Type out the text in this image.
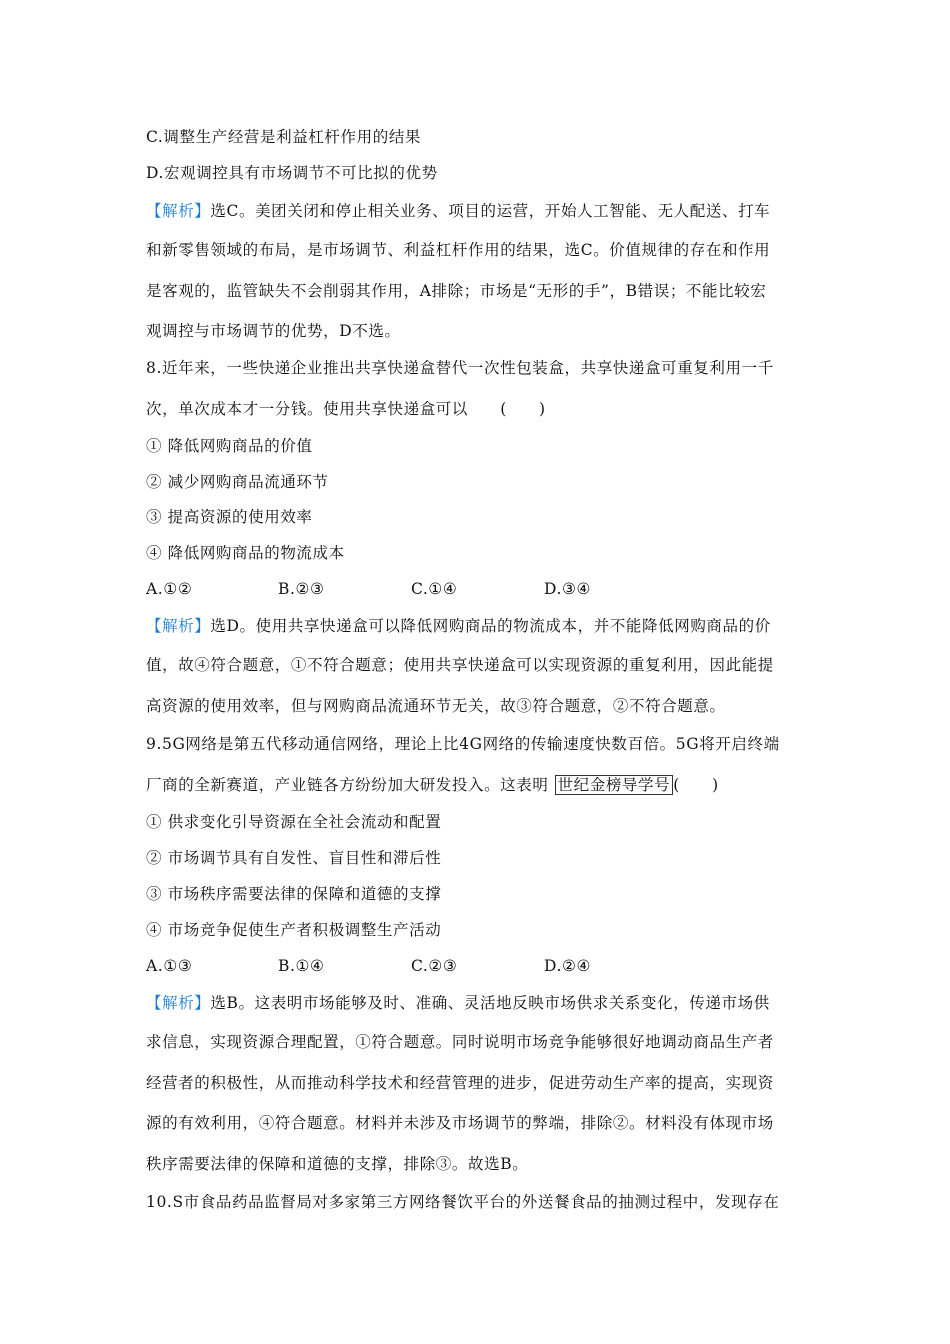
C.调整生产经营是利益杠杆作用的结果
D.宏观调控具有市场调节不可比拟的优势
【解析】选C。美团关闭和停止相关业务、项目的运营，开始人工智能、无人配送、打车
和新零售领域的布局，是市场调节、利益杠杆作用的结果，选C。价值规律的存在和作用
是客观的，监管缺失不会削弱其作用，A排除；市场是“无形的手”，B错误；不能比较宏
观调控与市场调节的优势，D不选。
8.近年来，一些快递企业推出共享快递盒替代一次性包装盒，共享快递盒可重复利用一千
次，单次成本才一分钱。使用共享快递盒可以　　(　　)
① 降低网购商品的价值
② 减少网购商品流通环节
③ 提高资源的使用效率
④ 降低网购商品的物流成本
A.①②	B.②③	C.①④	D.③④
【解析】选D。使用共享快递盒可以降低网购商品的物流成本，并不能降低网购商品的价
值，故④符合题意，①不符合题意；使用共享快递盒可以实现资源的重复利用，因此能提
高资源的使用效率，但与网购商品流通环节无关，故③符合题意，②不符合题意。
9.5G网络是第五代移动通信网络，理论上比4G网络的传输速度快数百倍。5G将开启终端
厂商的全新赛道，产业链各方纷纷加大研发投入。这表明 世纪金榜导学号 (　　)
① 供求变化引导资源在全社会流动和配置
② 市场调节具有自发性、盲目性和滞后性
③ 市场秩序需要法律的保障和道德的支撑
④ 市场竞争促使生产者积极调整生产活动
A.①③	B.①④	C.②③	D.②④
【解析】选B。这表明市场能够及时、准确、灵活地反映市场供求关系变化，传递市场供
求信息，实现资源合理配置，①符合题意。同时说明市场竞争能够很好地调动商品生产者
经营者的积极性，从而推动科学技术和经营管理的进步，促进劳动生产率的提高，实现资
源的有效利用，④符合题意。材料并未涉及市场调节的弊端，排除②。材料没有体现市场
秩序需要法律的保障和道德的支撑，排除③。故选B。
10.S市食品药品监督局对多家第三方网络餐饮平台的外送餐食品的抽测过程中，发现存在
